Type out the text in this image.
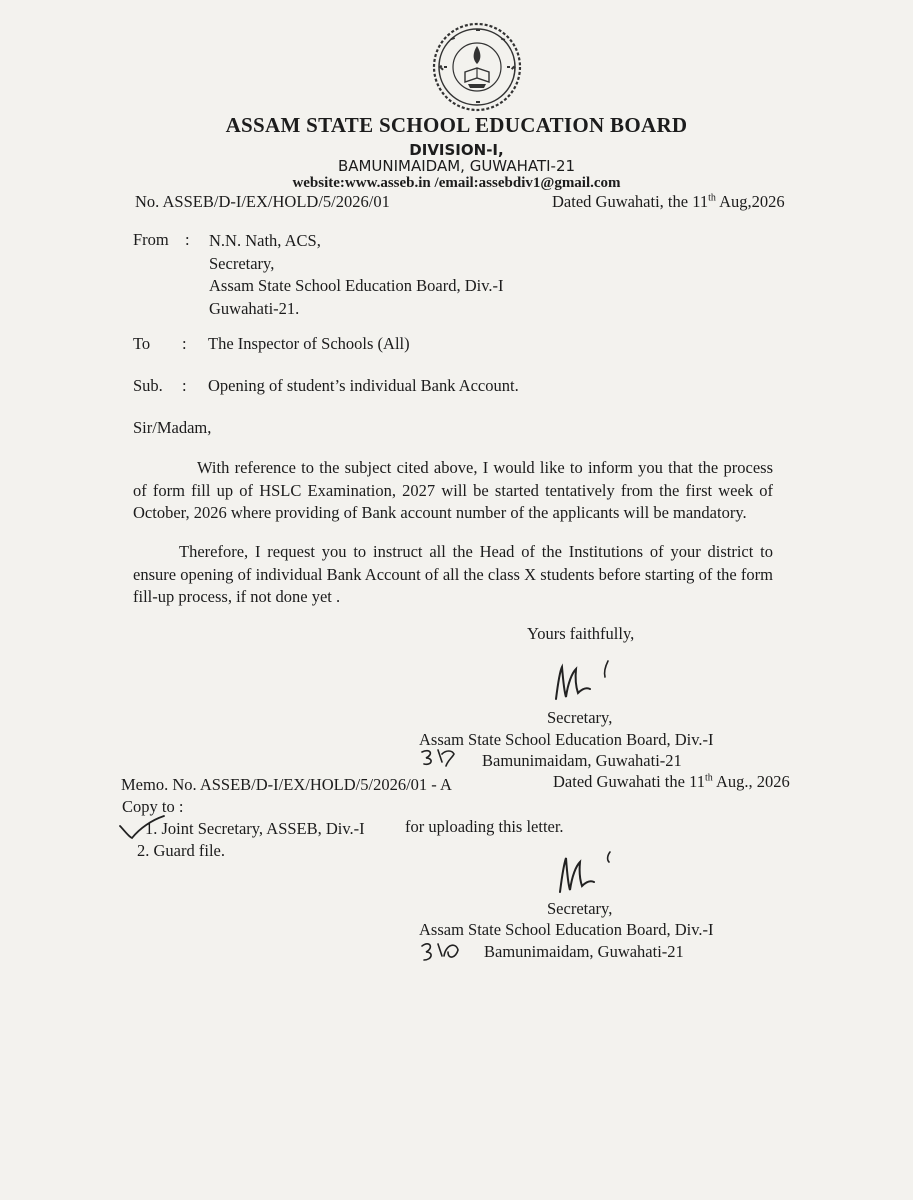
ASSAM STATE SCHOOL EDUCATION BOARD
DIVISION-I,
BAMUNIMAIDAM, GUWAHATI-21
website:www.asseb.in /email:assebdiv1@gmail.com
No. ASSEB/D-I/EX/HOLD/5/2026/01	Dated Guwahati, the 11th Aug,2026
From : N.N. Nath, ACS,
Secretary,
Assam State School Education Board, Div.-I
Guwahati-21.
To : The Inspector of Schools (All)
Sub. : Opening of student’s individual Bank Account.
Sir/Madam,
With reference to the subject cited above, I would like to inform you that the process of form fill up of HSLC Examination, 2027 will be started tentatively from the first week of October, 2026 where providing of Bank account number of the applicants will be mandatory.
Therefore, I request you to instruct all the Head of the Institutions of your district to ensure opening of individual Bank Account of all the class X students before starting of the form fill-up process, if not done yet .
Yours faithfully,
Secretary,
Assam State School Education Board, Div.-I
Bamunimaidam, Guwahati-21
Memo. No. ASSEB/D-I/EX/HOLD/5/2026/01 - A	Dated Guwahati the 11th Aug., 2026
Copy to :
1. Joint Secretary, ASSEB, Div.-I for uploading this letter.
2. Guard file.
Secretary,
Assam State School Education Board, Div.-I
Bamunimaidam, Guwahati-21
